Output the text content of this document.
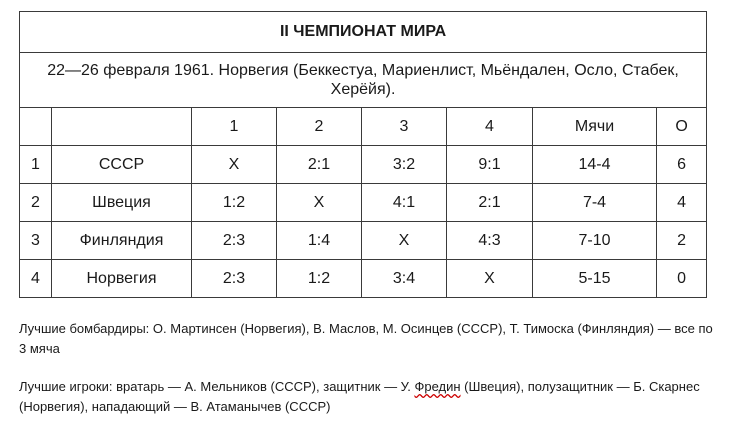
II ЧЕМПИОНАТ МИРА							
22—26 февраля 1961. Норвегия (Беккестуа, Мариенлист, Мьёндален, Осло, Стабек, Херёйя).							
		1	2	3	4	Мячи	О
1	СССР	X	2:1	3:2	9:1	14-4	6
2	Швеция	1:2	X	4:1	2:1	7-4	4
3	Финляндия	2:3	1:4	X	4:3	7-10	2
4	Норвегия	2:3	1:2	3:4	X	5-15	0

Лучшие бомбардиры: О. Мартинсен (Норвегия), В. Маслов, М. Осинцев (СССР), Т. Тимоска (Финляндия) — все по 3 мяча

Лучшие игроки: вратарь — А. Мельников (СССР), защитник — У. Фредин (Швеция), полузащитник — Б. Скарнес (Норвегия), нападающий — В. Атаманычев (СССР)
